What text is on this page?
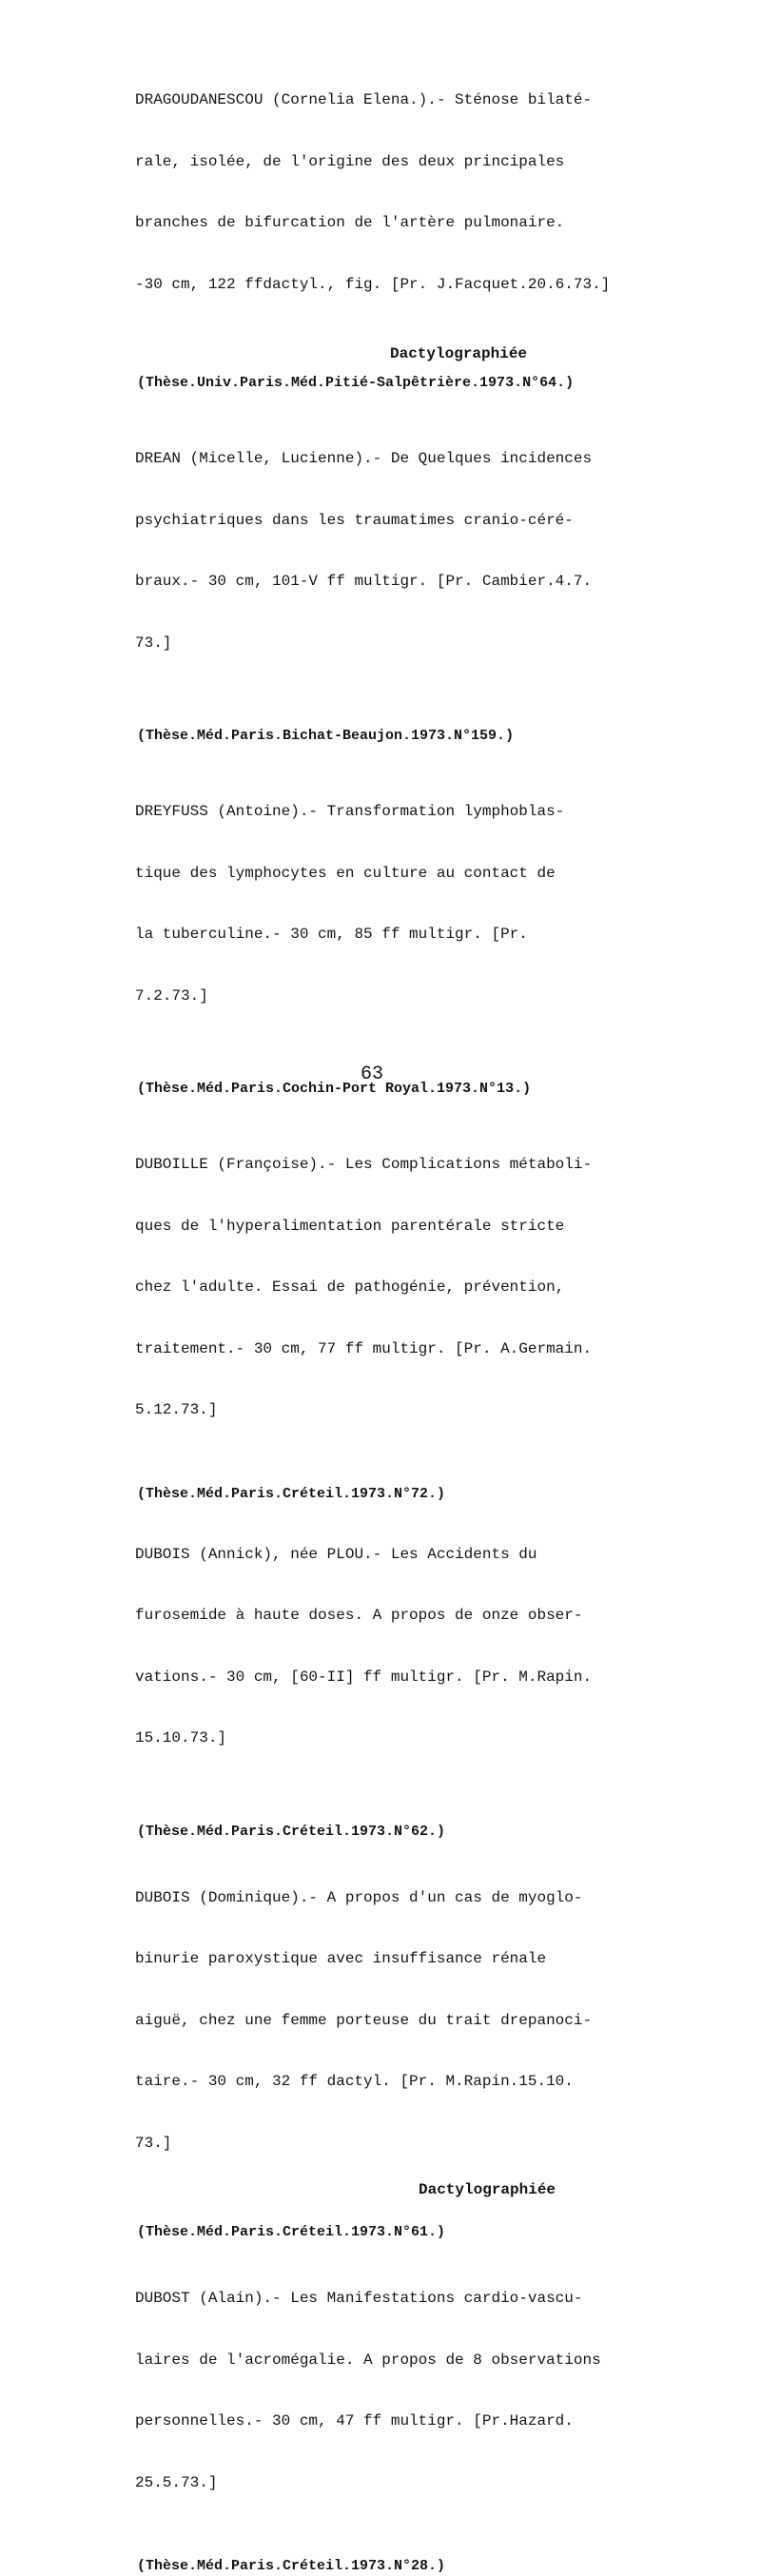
DRAGOUDANESCOU (Cornelia Elena.).- Sténose bilaté-

rale, isolée, de l'origine des deux principales

branches de bifurcation de l'artère pulmonaire.

-30 cm, 122 ffdactyl., fig. [Pr. J.Facquet.20.6.73.]

Dactylographiée
(Thèse.Univ.Paris.Méd.Pitié-Salpêtrière.1973.N°64.)

DREAN (Micelle, Lucienne).- De Quelques incidences

psychiatriques dans les traumatimes cranio-céré-

braux.- 30 cm, 101-V ff multigr. [Pr. Cambier.4.7.

73.]

(Thèse.Méd.Paris.Bichat-Beaujon.1973.N°159.)

DREYFUSS (Antoine).- Transformation lymphoblas-

tique des lymphocytes en culture au contact de

la tuberculine.- 30 cm, 85 ff multigr. [Pr.

7.2.73.]

(Thèse.Méd.Paris.Cochin-Port Royal.1973.N°13.)

DUBOILLE (Françoise).- Les Complications métaboli-

ques de l'hyperalimentation parentérale stricte

chez l'adulte. Essai de pathogénie, prévention,

traitement.- 30 cm, 77 ff multigr. [Pr. A.Germain.

5.12.73.]

(Thèse.Méd.Paris.Créteil.1973.N°72.)

DUBOIS (Annick), née PLOU.- Les Accidents du

furosemide à haute doses. A propos de onze obser-

vations.- 30 cm, [60-II] ff multigr. [Pr. M.Rapin.

15.10.73.]

(Thèse.Méd.Paris.Créteil.1973.N°62.)

DUBOIS (Dominique).- A propos d'un cas de myoglo-

binurie paroxystique avec insuffisance rénale

aiguë, chez une femme porteuse du trait drepanoci-

taire.- 30 cm, 32 ff dactyl. [Pr. M.Rapin.15.10.

73.]

Dactylographiée
(Thèse.Méd.Paris.Créteil.1973.N°61.)

DUBOST (Alain).- Les Manifestations cardio-vascu-

laires de l'acromégalie. A propos de 8 observations

personnelles.- 30 cm, 47 ff multigr. [Pr.Hazard.

25.5.73.]

(Thèse.Méd.Paris.Créteil.1973.N°28.)
63
